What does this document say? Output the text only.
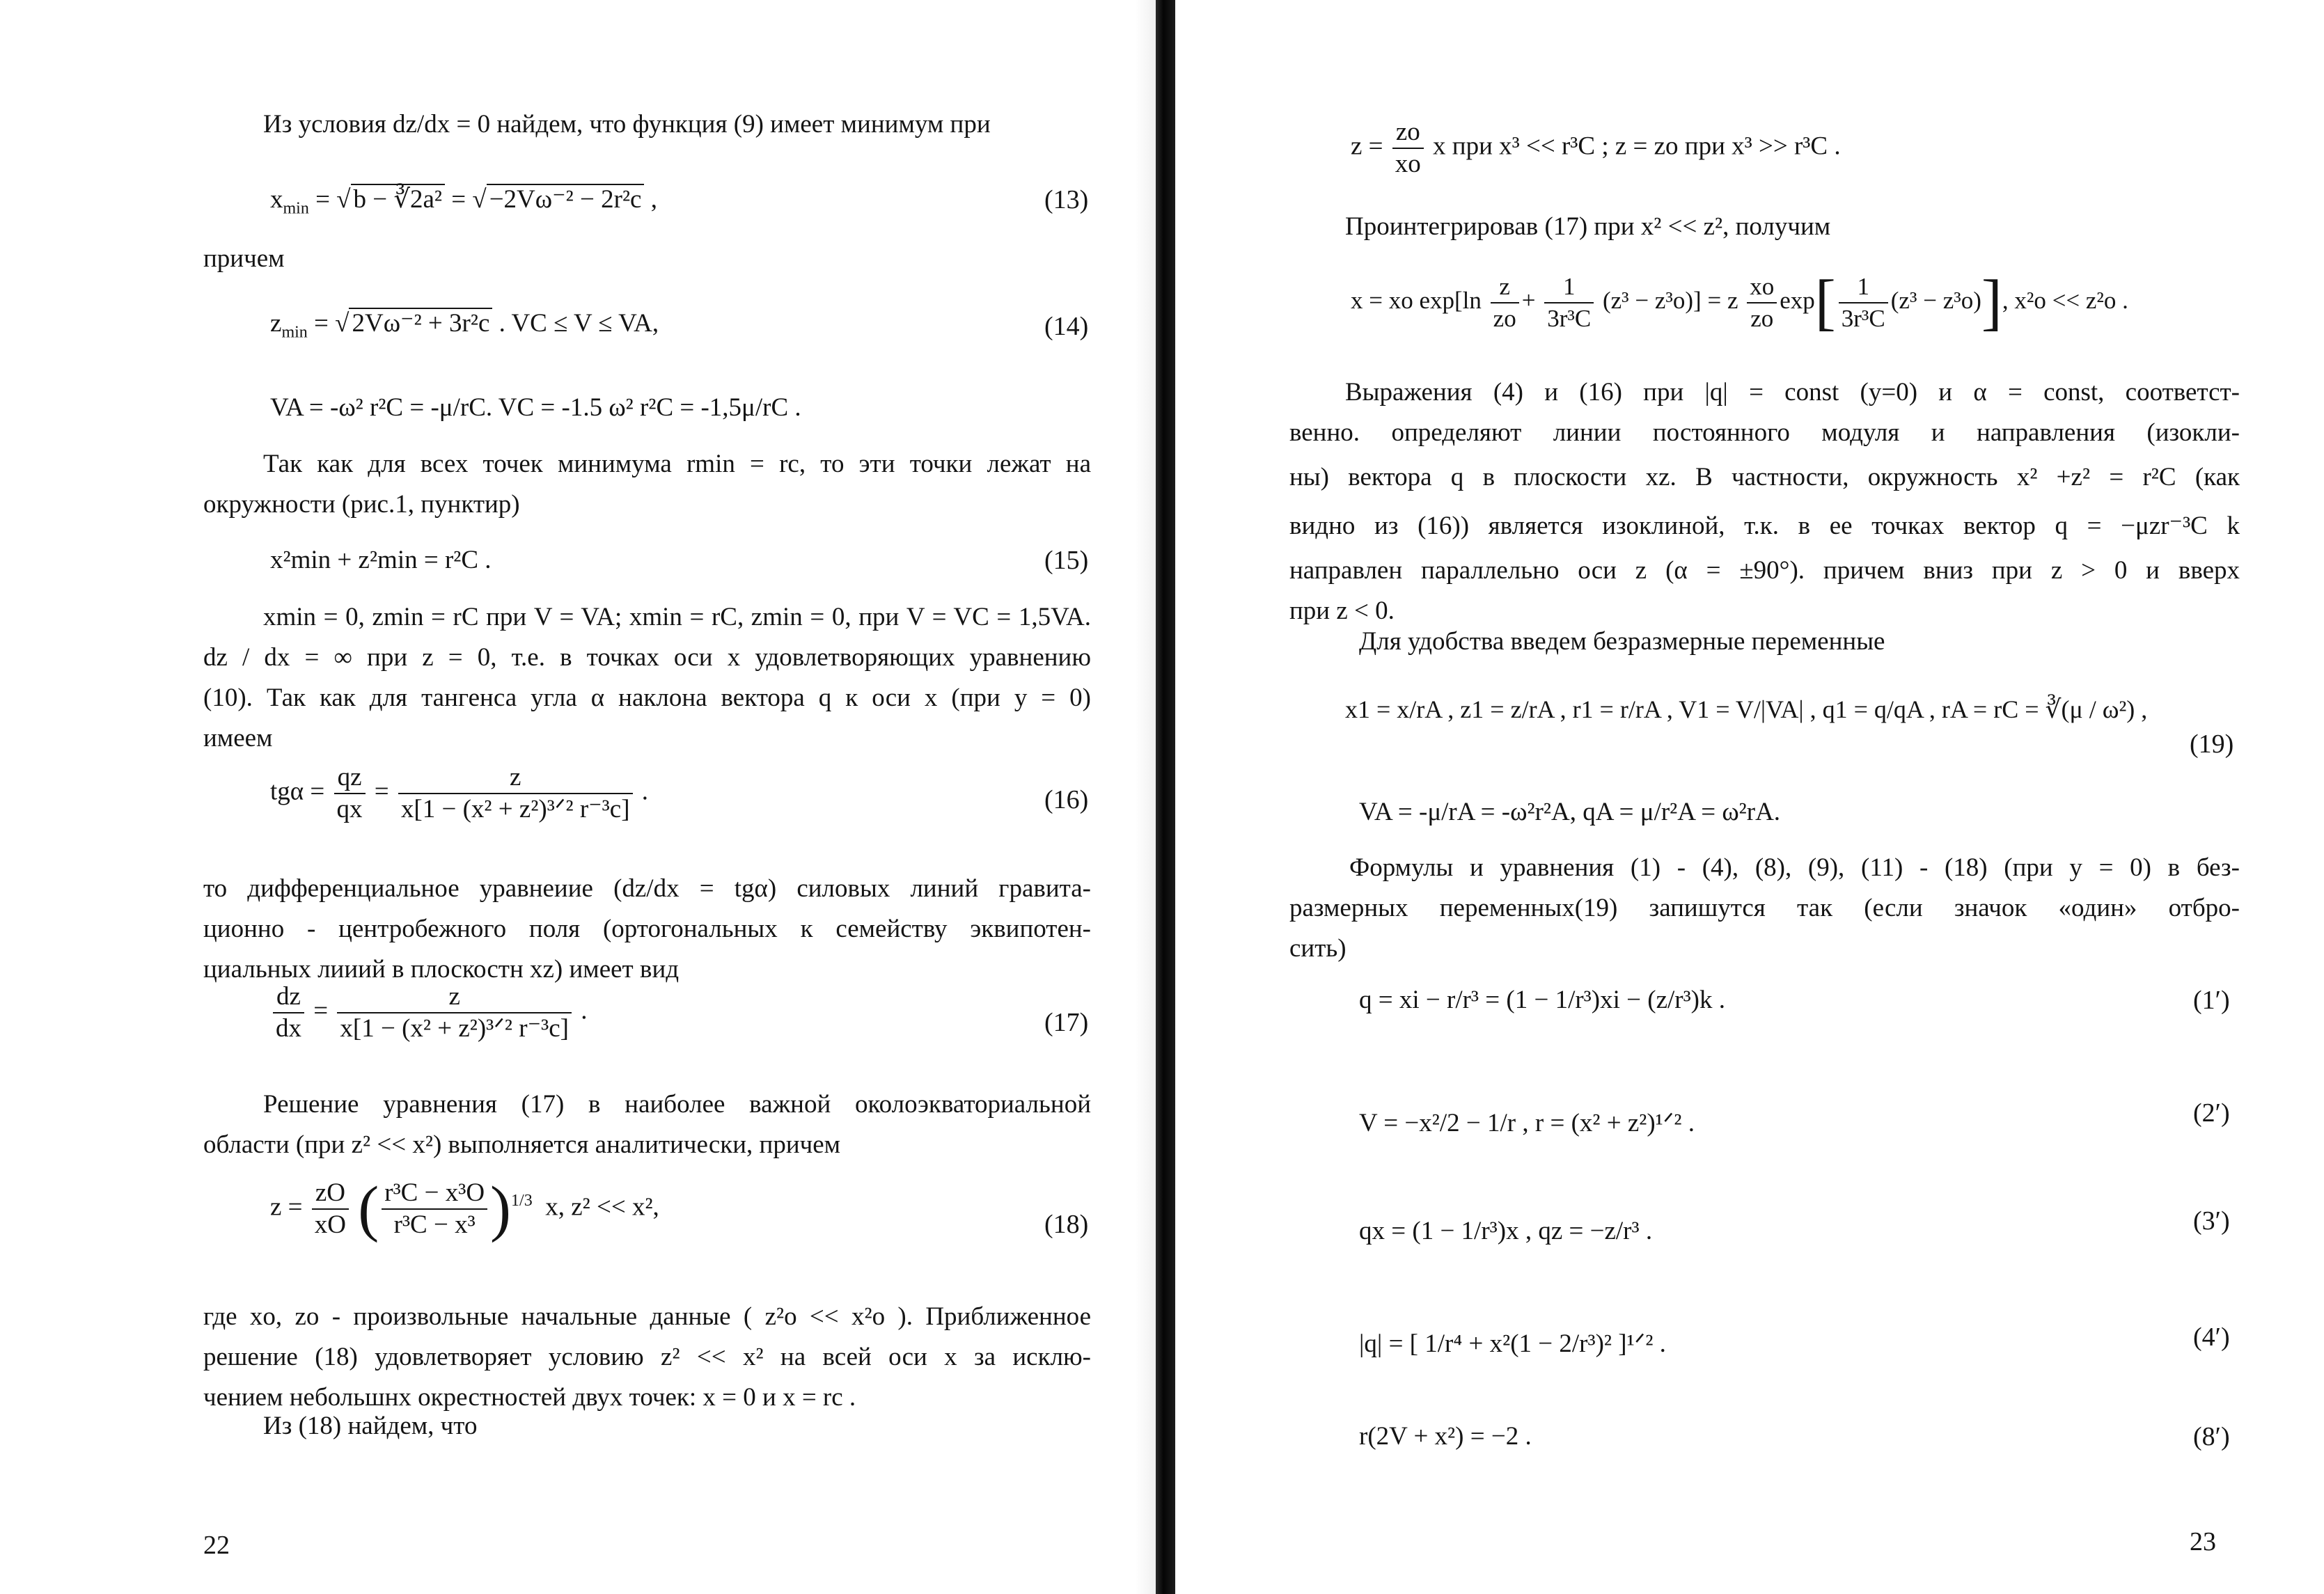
Из условия dz/dx = 0 найдем, что функция (9) имеет минимум при
$x_{min}$ = √ b − ∛2a² = √ −2Vω⁻² − 2r²c ,	(13)
причем
$z_{min}$ = √ 2Vω⁻² + 3r²c . VC ≤ V ≤ VA,	(14)
VA = -ω² r²C = -μ/rC. VC = -1.5 ω² r²C = -1,5μ/rC .
Так как для всех точек минимума rmin = rc, то эти точки лежат на
окружности (рис.1, пунктир)
x²min + z²min = r²C .	(15)
xmin = 0, zmin = rC при V = VA; xmin = rC, zmin = 0, при V = VC = 1,5VA.
dz / dx = ∞ при z = 0, т.е. в точках оси x удовлетворяющих уравнению
(10). Так как для тангенса угла α наклона вектора q к оси x (при y = 0)
имеем
$tg\alpha = \frac{qz}{qx} = \frac{z}{\text{x[1 − (x² + z²)³ᐟ² r⁻³c]}}$ .	(16)
то дифференциальное уравнеиие (dz/dx = tgα) силовых линий гравита-
ционно - центробежного поля (ортогональных к семейству эквипотен-
циальных лииий в плоскостн xz) имеет вид
$\frac{dz}{dx} = \frac{z}{\text{x[1 − (x² + z²)³ᐟ² r⁻³c]}}$ .	(17)
Решение уравнения (17) в наиболее важной околоэкваториальной
области (при z² << x²) выполняется аналитически, причем
$z = \frac{zO}{xO}$ ( $\frac{\text{r³C − x³O}}{\text{r³C − x³}} )^{1/3}$ x, z² << x²,
(18)
где xo, zo - произвольные начальные данные ( z²o << x²o ). Приближенное
решение (18) удовлетворяет условию z² << x² на всей оси x за исклю-
чением небольшнх окрестностей двух точек: x = 0 и x = rc .
Из (18) найдем, что
22
$z = \frac{zo}{xo}$ x при x³ << r³C ; z = zo при x³ >> r³C .
Проинтегрировав (17) при x² << z², получим
x = xo $\exp[\ln \frac{z}{zo} + \frac{1}{\text{3r³C}} (z^3 - z^3o)] = z \frac{xo}{zo} \exp[ \frac{1}{\text{3r³C}} (z^3 - z^3o)]$, x²o << z²o .
Выражения (4) и (16) при |q| = const (y=0) и α = const, соответст-
венно. определяют линии постоянного модуля и направления (изокли-
ны) вектора q в плоскости xz. В частности, окружность x² +z² = r²C (как
видно из (16)) является изоклиной, т.к. в ее точках вектор q = −μzr⁻³C k
направлен параллельно оси z (α = ±90°). причем вниз при z > 0 и вверх
при z < 0.
Для удобства введем безразмерные переменные
x1 = x/rA , z1 = z/rA , r1 = r/rA , V1 = V/|VA| , q1 = q/qA , rA = rC = ∛(μ / ω²) ,
(19)
VA = -μ/rA = -ω²r²A, qA = μ/r²A = ω²rA.
Формулы и уравнения (1) - (4), (8), (9), (11) - (18) (при y = 0) в без-
размерных переменных(19) запишутся так (если значок «один» отбро-
сить)
q = xi − r/r³ = (1 − 1/r³)xi − (z/r³)k .	(1′)
V = −x²/2 − 1/r , r = (x² + z²)¹ᐟ² .	(2′)
qx = (1 − 1/r³)x , qz = −z/r³ .	(3′)
|q| = [ 1/r⁴ + x²(1 − 2/r³)² ]¹ᐟ² .	(4′)
r(2V + x²) = −2 .	(8′)
23
